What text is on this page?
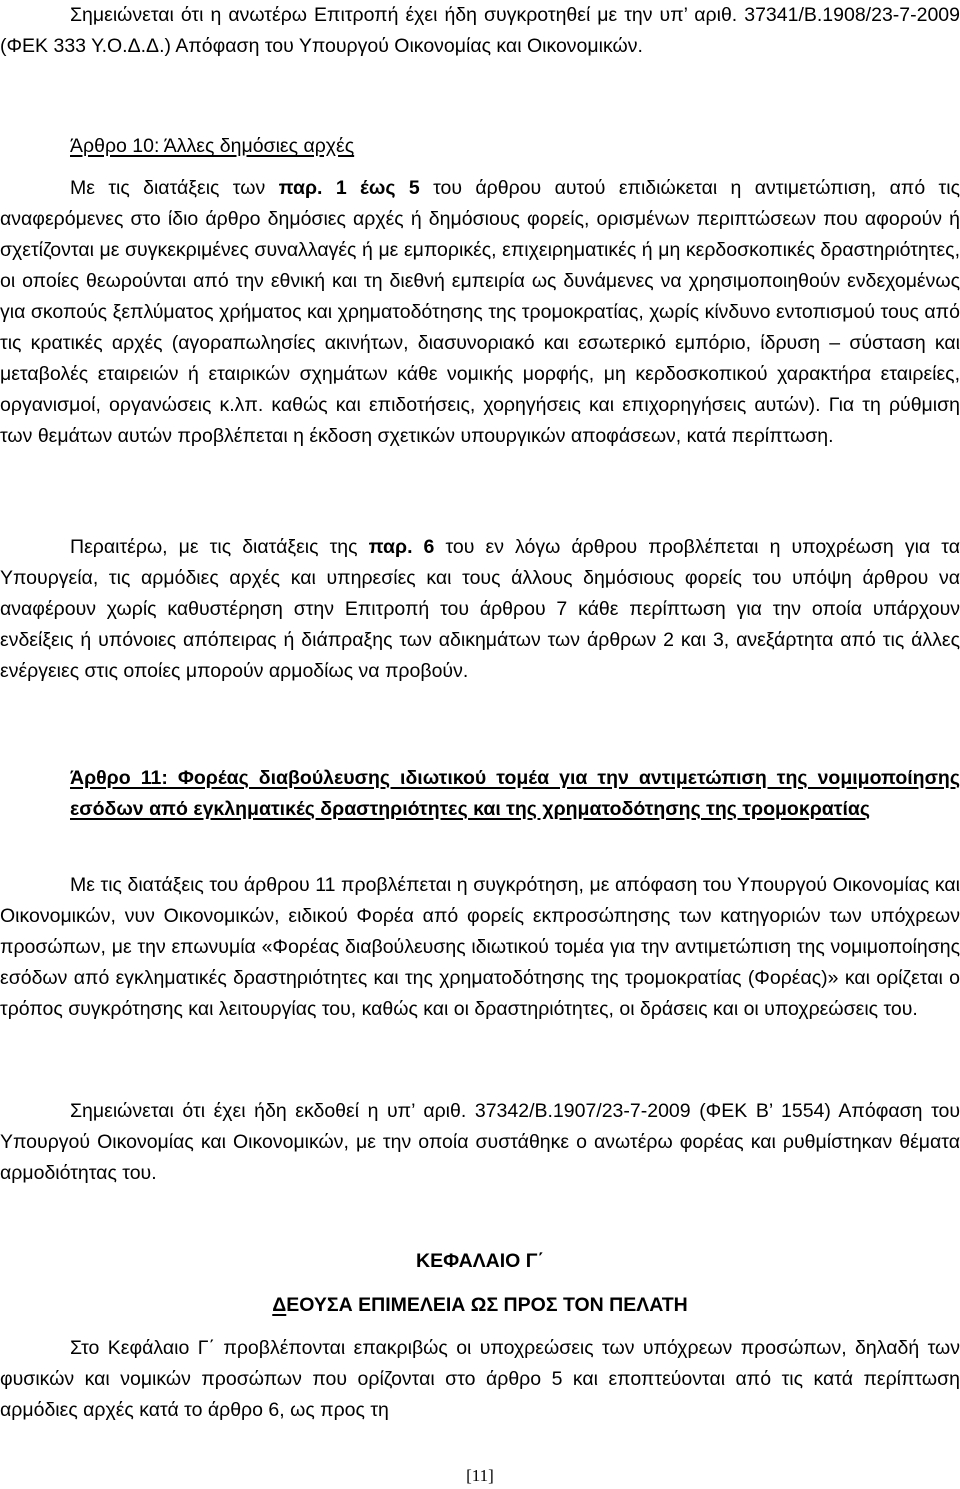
Σημειώνεται ότι η ανωτέρω Επιτροπή έχει ήδη συγκροτηθεί με την υπ’ αριθ. 37341/Β.1908/23-7-2009 (ΦΕΚ 333 Υ.Ο.Δ.Δ.) Απόφαση του Υπουργού Οικονομίας και Οικονομικών.

Άρθρο 10: Άλλες δημόσιες αρχές

Με τις διατάξεις των παρ. 1 έως 5 του άρθρου αυτού επιδιώκεται η αντιμετώπιση, από τις αναφερόμενες στο ίδιο άρθρο δημόσιες αρχές ή δημόσιους φορείς, ορισμένων περιπτώσεων που αφορούν ή σχετίζονται με συγκεκριμένες συναλλαγές ή με εμπορικές, επιχειρηματικές ή μη κερδοσκοπικές δραστηριότητες, οι οποίες θεωρούνται από την εθνική και τη διεθνή εμπειρία ως δυνάμενες να χρησιμοποιηθούν ενδεχομένως για σκοπούς ξεπλύματος χρήματος και χρηματοδότησης της τρομοκρατίας, χωρίς κίνδυνο εντοπισμού τους από τις κρατικές αρχές (αγοραπωλησίες ακινήτων, διασυνοριακό και εσωτερικό εμπόριο, ίδρυση – σύσταση και μεταβολές εταιρειών ή εταιρικών σχημάτων κάθε νομικής μορφής, μη κερδοσκοπικού χαρακτήρα εταιρείες, οργανισμοί, οργανώσεις κ.λπ. καθώς και επιδοτήσεις, χορηγήσεις και επιχορηγήσεις αυτών). Για τη ρύθμιση των θεμάτων αυτών προβλέπεται η έκδοση σχετικών υπουργικών αποφάσεων, κατά περίπτωση.

Περαιτέρω, με τις διατάξεις της παρ. 6 του εν λόγω άρθρου προβλέπεται η υποχρέωση για τα Υπουργεία, τις αρμόδιες αρχές και υπηρεσίες και τους άλλους δημόσιους φορείς του υπόψη άρθρου να αναφέρουν χωρίς καθυστέρηση στην Επιτροπή του άρθρου 7 κάθε περίπτωση για την οποία υπάρχουν ενδείξεις ή υπόνοιες απόπειρας ή διάπραξης των αδικημάτων των άρθρων 2 και 3, ανεξάρτητα από τις άλλες ενέργειες στις οποίες μπορούν αρμοδίως να προβούν.

Άρθρο 11: Φορέας διαβούλευσης ιδιωτικού τομέα για την αντιμετώπιση της νομιμοποίησης εσόδων από εγκληματικές δραστηριότητες και της χρηματοδότησης της τρομοκρατίας

Με τις διατάξεις του άρθρου 11 προβλέπεται η συγκρότηση, με απόφαση του Υπουργού Οικονομίας και Οικονομικών, νυν Οικονομικών, ειδικού Φορέα από φορείς εκπροσώπησης των κατηγοριών των υπόχρεων προσώπων, με την επωνυμία «Φορέας διαβούλευσης ιδιωτικού τομέα για την αντιμετώπιση της νομιμοποίησης εσόδων από εγκληματικές δραστηριότητες και της χρηματοδότησης της τρομοκρατίας (Φορέας)» και ορίζεται ο τρόπος συγκρότησης και λειτουργίας του, καθώς και οι δραστηριότητες, οι δράσεις και οι υποχρεώσεις του.

Σημειώνεται ότι έχει ήδη εκδοθεί η υπ’ αριθ. 37342/Β.1907/23-7-2009 (ΦΕΚ Β’ 1554) Απόφαση του Υπουργού Οικονομίας και Οικονομικών, με την οποία συστάθηκε ο ανωτέρω φορέας και ρυθμίστηκαν θέματα αρμοδιότητας του.

ΚΕΦΑΛΑΙΟ Γ΄
ΔΕΟΥΣΑ ΕΠΙΜΕΛΕΙΑ ΩΣ ΠΡΟΣ ΤΟΝ ΠΕΛΑΤΗ

Στο Κεφάλαιο Γ΄ προβλέπονται επακριβώς οι υποχρεώσεις των υπόχρεων προσώπων, δηλαδή των φυσικών και νομικών προσώπων που ορίζονται στο άρθρο 5 και εποπτεύονται από τις κατά περίπτωση αρμόδιες αρχές κατά το άρθρο 6, ως προς τη

[11]
